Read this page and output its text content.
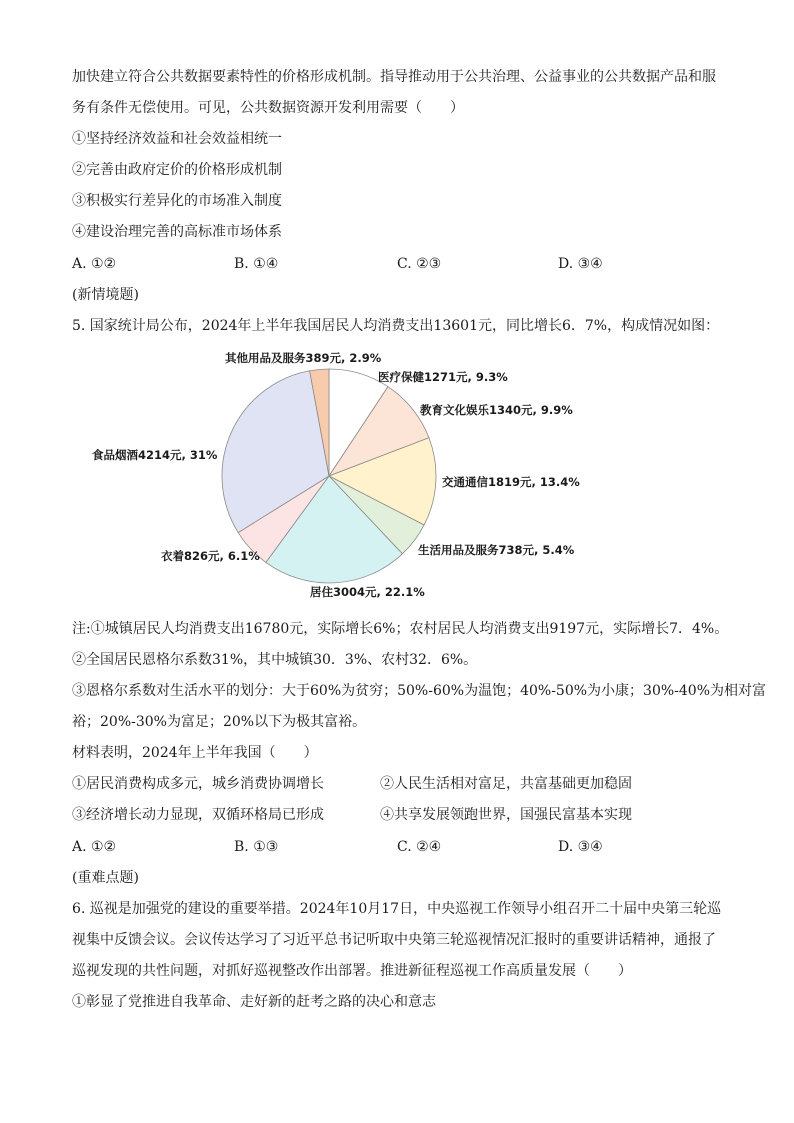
加快建立符合公共数据要素特性的价格形成机制。指导推动用于公共治理、公益事业的公共数据产品和服
务有条件无偿使用。可见，公共数据资源开发利用需要（　　）
①坚持经济效益和社会效益相统一
②完善由政府定价的价格形成机制
③积极实行差异化的市场准入制度
④建设治理完善的高标准市场体系
A. ①②	B. ①④	C. ②③	D. ③④
(新情境题)
5. 国家统计局公布，2024年上半年我国居民人均消费支出13601元，同比增长6．7%，构成情况如图：
医疗保健1271元, 9.3%
教育文化娱乐1340元, 9.9%
交通通信1819元, 13.4%
生活用品及服务738元, 5.4%
居住3004元, 22.1%
衣着826元, 6.1%
食品烟酒4214元, 31%
其他用品及服务389元, 2.9%
注:①城镇居民人均消费支出16780元，实际增长6%；农村居民人均消费支出9197元，实际增长7．4%。
②全国居民恩格尔系数31%，其中城镇30．3%、农村32．6%。
③恩格尔系数对生活水平的划分：大于60%为贫穷；50%-60%为温饱；40%-50%为小康；30%-40%为相对富
裕；20%-30%为富足；20%以下为极其富裕。
材料表明，2024年上半年我国（　　）
①居民消费构成多元，城乡消费协调增长	②人民生活相对富足，共富基础更加稳固
③经济增长动力显现，双循环格局已形成	④共享发展领跑世界，国强民富基本实现
A. ①②	B. ①③	C. ②④	D. ③④
(重难点题)
6. 巡视是加强党的建设的重要举措。2024年10月17日，中央巡视工作领导小组召开二十届中央第三轮巡
视集中反馈会议。会议传达学习了习近平总书记听取中央第三轮巡视情况汇报时的重要讲话精神，通报了
巡视发现的共性问题，对抓好巡视整改作出部署。推进新征程巡视工作高质量发展（　　）
①彰显了党推进自我革命、走好新的赶考之路的决心和意志
